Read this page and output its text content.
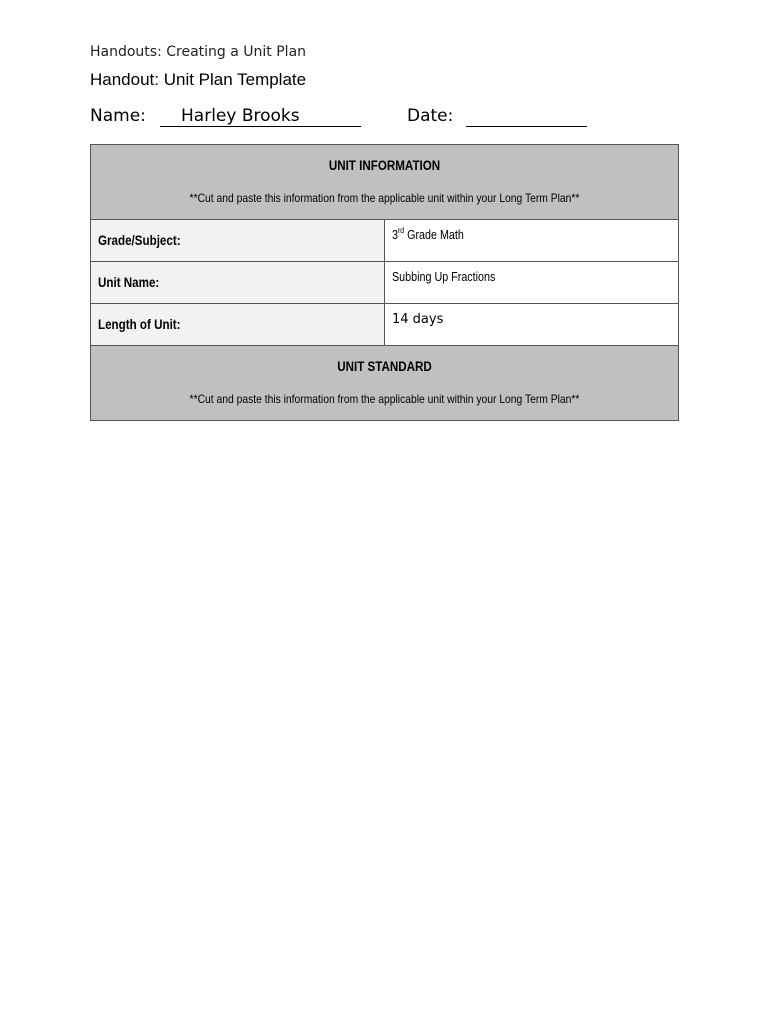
Handouts: Creating a Unit Plan
Handout: Unit Plan Template
Name: Harley Brooks	Date:
UNIT INFORMATION
**Cut and paste this information from the applicable unit within your Long Term Plan**	

Grade/Subject:	3rd Grade Math
Unit Name:	Subbing Up Fractions
Length of Unit:	14 days

UNIT STANDARD
**Cut and paste this information from the applicable unit within your Long Term Plan**	
